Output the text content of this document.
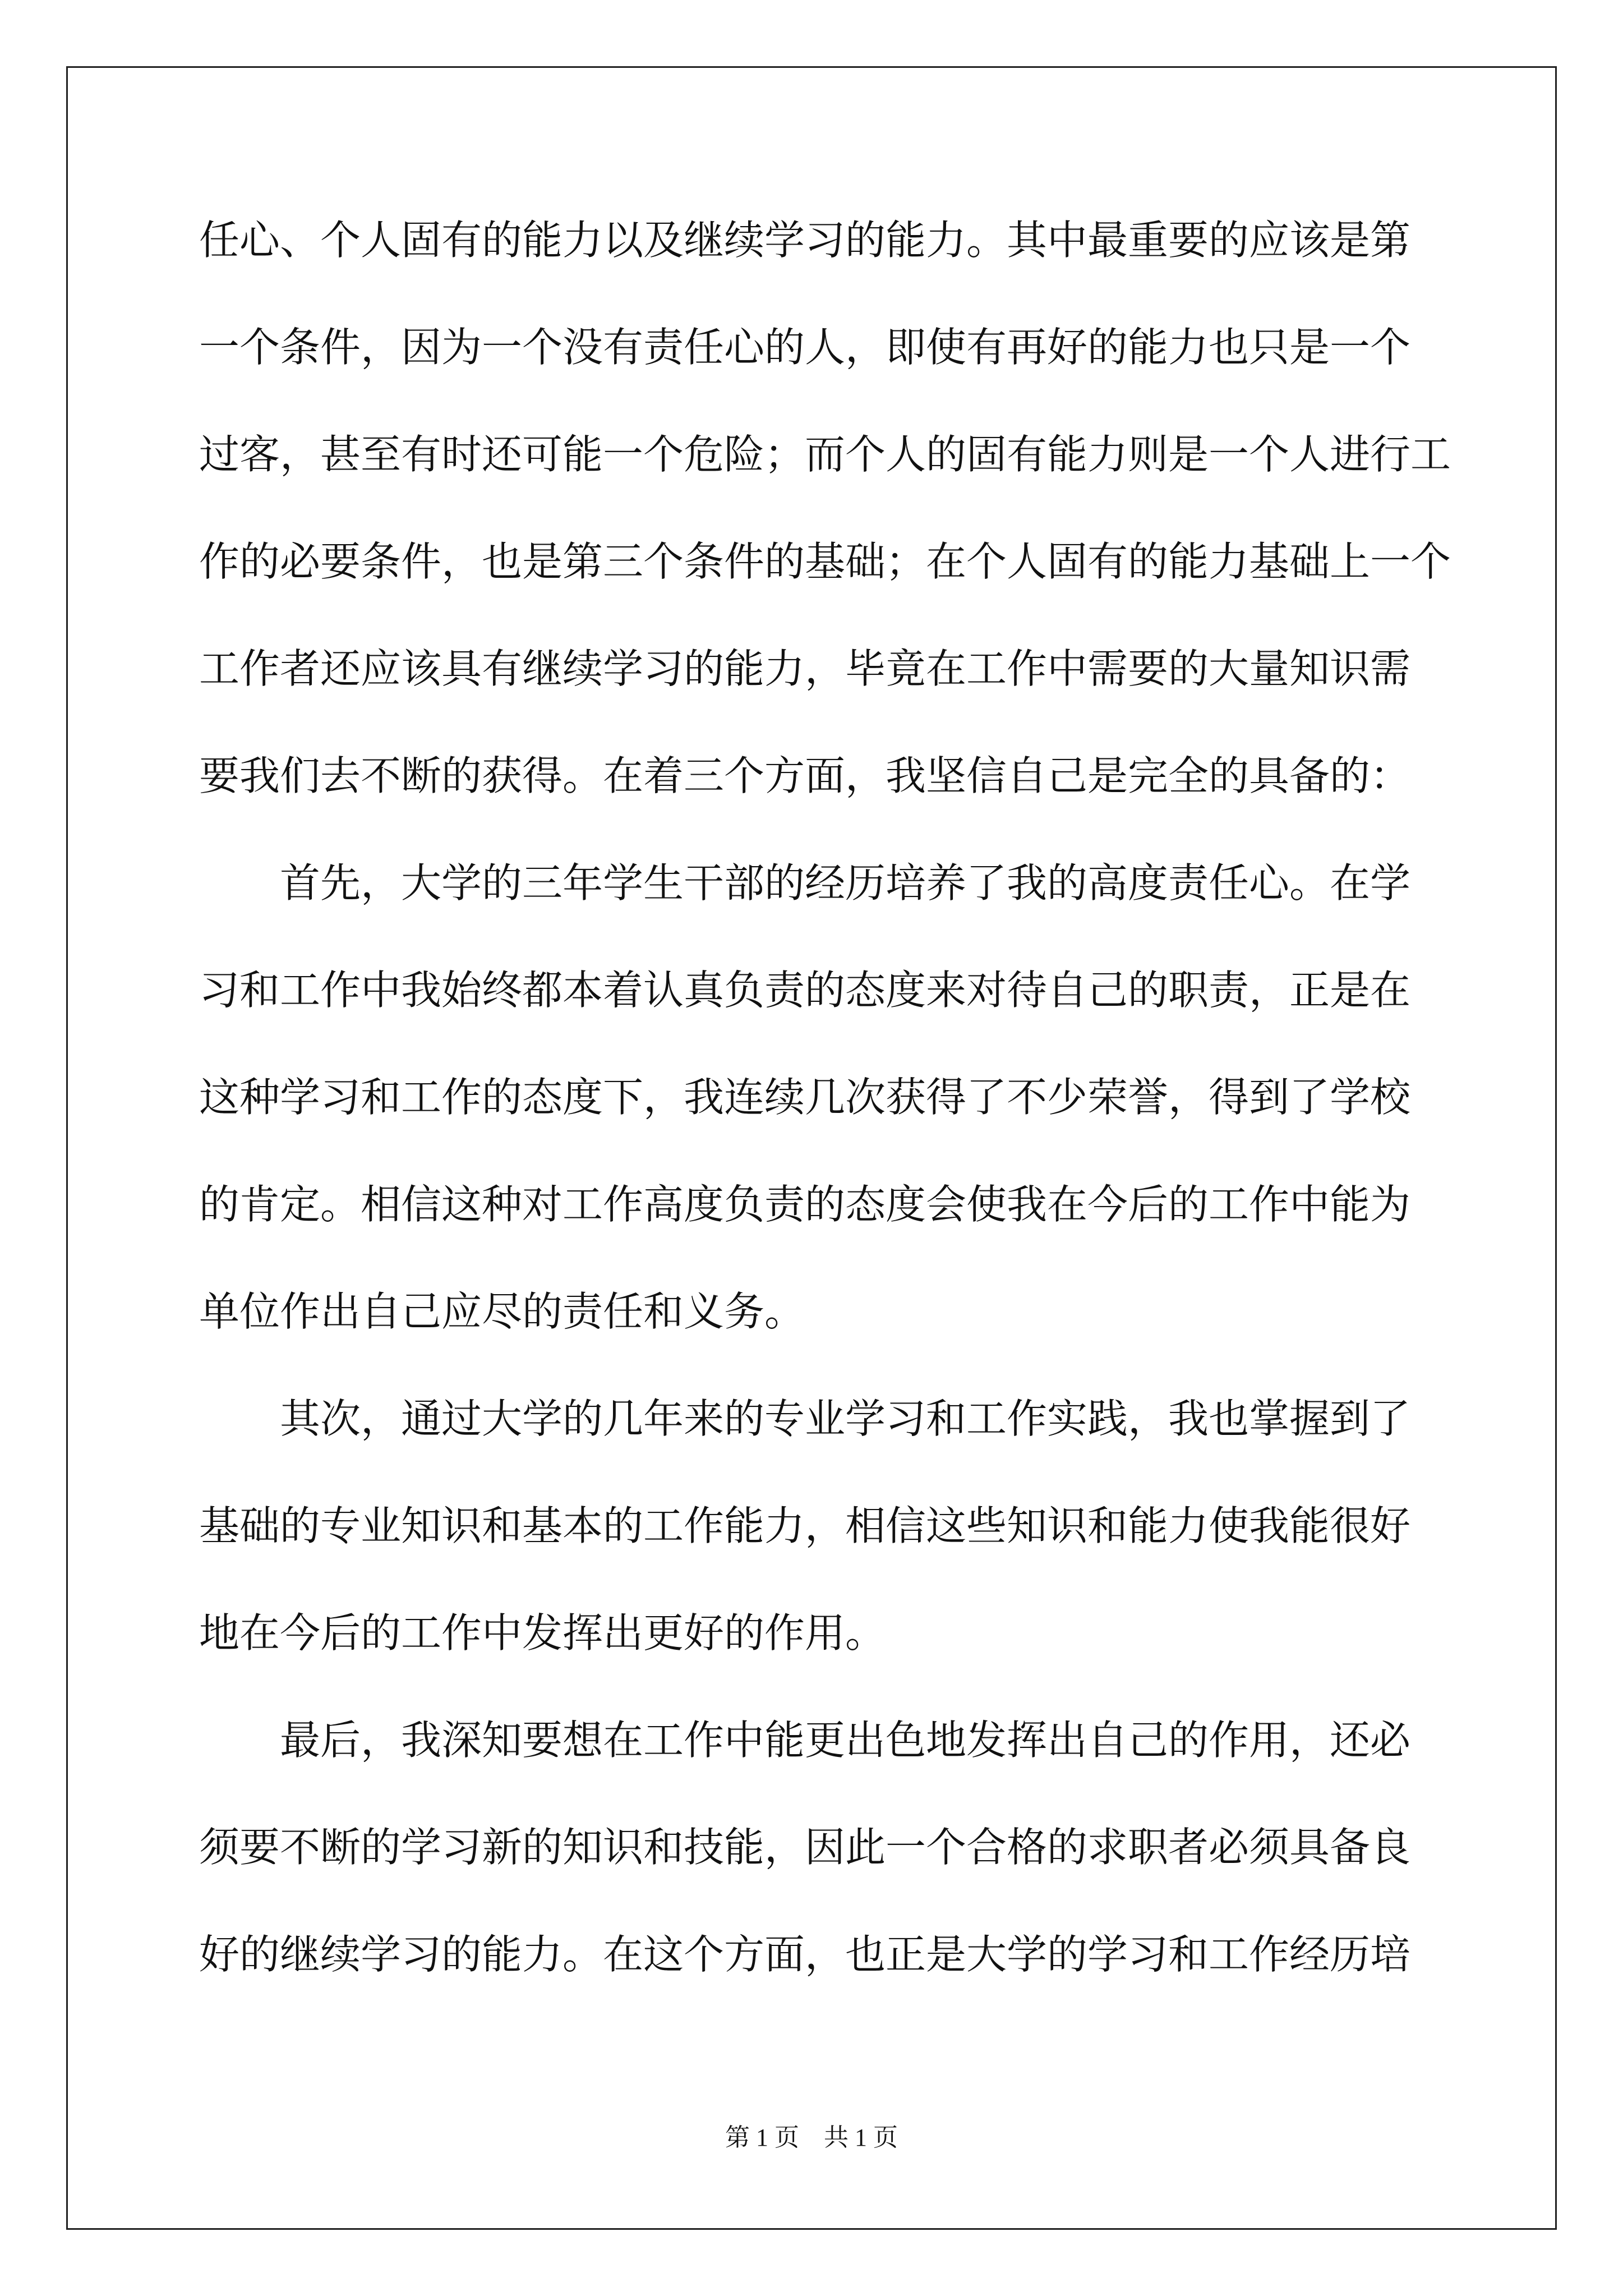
任心、个人固有的能力以及继续学习的能力。其中最重要的应该是第
一个条件，因为一个没有责任心的人，即使有再好的能力也只是一个
过客，甚至有时还可能一个危险；而个人的固有能力则是一个人进行工
作的必要条件，也是第三个条件的基础；在个人固有的能力基础上一个
工作者还应该具有继续学习的能力，毕竟在工作中需要的大量知识需
要我们去不断的获得。在着三个方面，我坚信自己是完全的具备的：
　　首先，大学的三年学生干部的经历培养了我的高度责任心。在学
习和工作中我始终都本着认真负责的态度来对待自己的职责，正是在
这种学习和工作的态度下，我连续几次获得了不少荣誉，得到了学校
的肯定。相信这种对工作高度负责的态度会使我在今后的工作中能为
单位作出自己应尽的责任和义务。
　　其次，通过大学的几年来的专业学习和工作实践，我也掌握到了
基础的专业知识和基本的工作能力，相信这些知识和能力使我能很好
地在今后的工作中发挥出更好的作用。
　　最后，我深知要想在工作中能更出色地发挥出自己的作用，还必
须要不断的学习新的知识和技能，因此一个合格的求职者必须具备良
好的继续学习的能力。在这个方面，也正是大学的学习和工作经历培
第 1 页　共 1 页
